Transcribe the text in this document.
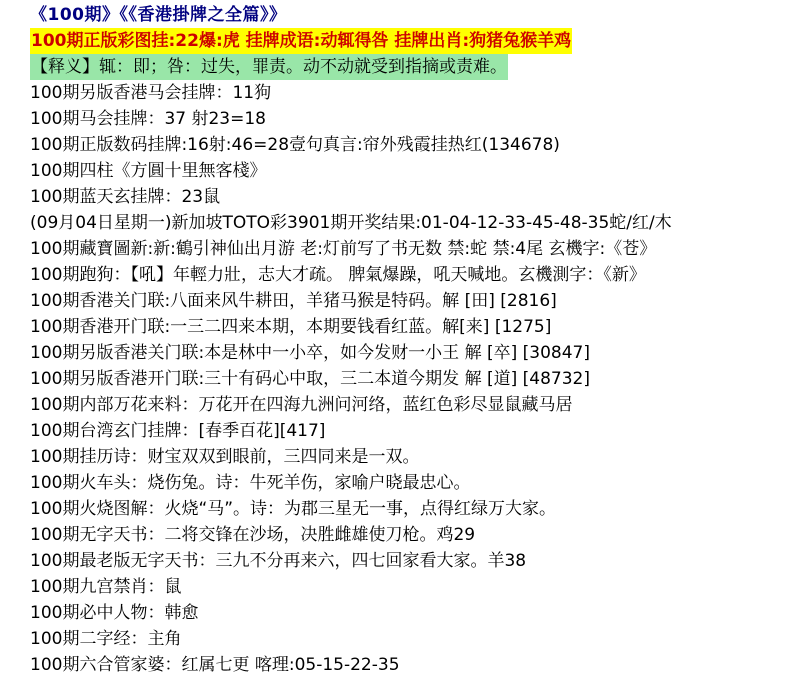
《100期》《《香港掛牌之全篇》》
100期正版彩图挂:22爆:虎 挂牌成语:动辄得咎 挂牌出肖:狗猪兔猴羊鸡
【释义】辄：即；咎：过失，罪责。动不动就受到指摘或责难。
100期另版香港马会挂牌：11狗
100期马会挂牌：37 射23=18
100期正版数码挂牌:16射:46=28壹句真言:帘外残霞挂热红(134678)
100期四柱《方圓十里無客棧》
100期蓝天玄挂牌：23鼠
(09月04日星期一)新加坡TOTO彩3901期开奖结果:01-04-12-33-45-48-35蛇/红/木
100期藏寶圖新:新:鶴引神仙出月游 老:灯前写了书无数 禁:蛇 禁:4尾 玄機字:《苍》
100期跑狗：【吼】年輕力壯，志大才疏。 脾氣爆躁，吼天喊地。玄機測字：《新》
100期香港关门联:八面来风牛耕田，羊猪马猴是特码。解 [田] [2816]
100期香港开门联:一三二四来本期，本期要钱看红蓝。解[来] [1275]
100期另版香港关门联:本是林中一小卒，如今发财一小王 解 [卒] [30847]
100期另版香港开门联:三十有码心中取，三二本道今期发 解 [道] [48732]
100期内部万花来料：万花开在四海九洲问河络，蓝红色彩尽显鼠藏马居
100期台湾玄门挂牌：[春季百花][417]
100期挂历诗：财宝双双到眼前，三四同来是一双。
100期火车头：烧伤兔。诗：牛死羊伤，家喻户晓最忠心。
100期火烧图解：火烧“马”。诗：为郡三星无一事，点得红绿万大家。
100期无字天书：二将交锋在沙场，决胜雌雄使刀枪。鸡29
100期最老版无字天书：三九不分再来六，四七回家看大家。羊38
100期九宫禁肖：鼠
100期必中人物：韩愈
100期二字经：主角
100期六合管家婆：红属七更 喀理:05-15-22-35
